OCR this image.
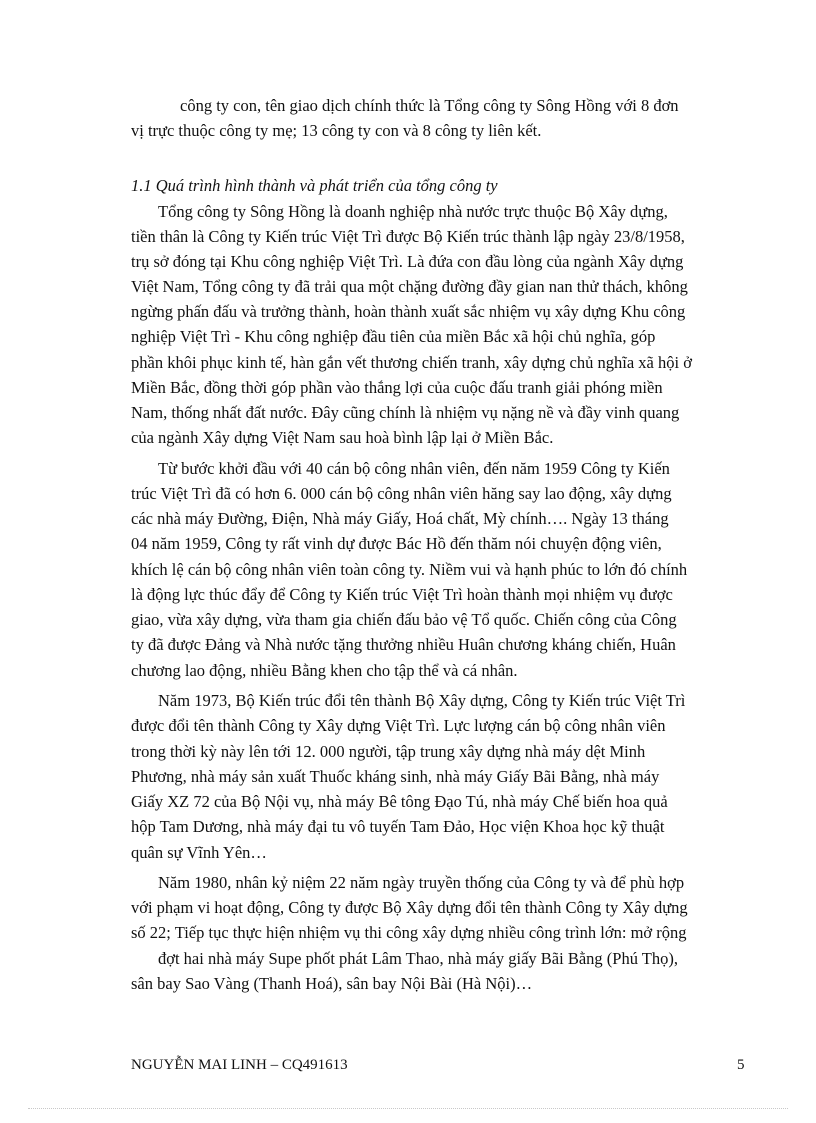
công ty con, tên giao dịch chính thức là Tổng công ty Sông Hồng với 8 đơn
vị trực thuộc công ty mẹ; 13 công ty con và 8 công ty liên kết.
1.1 Quá trình hình thành và phát triển của tổng công ty
Tổng công ty Sông Hồng là doanh nghiệp nhà nước trực thuộc Bộ Xây dựng,
tiền thân là Công ty Kiến trúc Việt Trì được Bộ Kiến trúc thành lập ngày 23/8/1958,
trụ sở đóng tại Khu công nghiệp Việt Trì. Là đứa con đầu lòng của ngành Xây dựng
Việt Nam, Tổng công ty đã trải qua một chặng đường đầy gian nan thử thách, không
ngừng phấn đấu và trưởng thành, hoàn thành xuất sắc nhiệm vụ xây dựng Khu công
nghiệp Việt Trì - Khu công nghiệp đầu tiên của miền Bắc xã hội chủ nghĩa, góp
phần khôi phục kinh tế, hàn gắn vết thương chiến tranh, xây dựng chủ nghĩa xã hội ở
Miền Bắc, đồng thời góp phần vào thắng lợi của cuộc đấu tranh giải phóng miền
Nam, thống nhất đất nước. Đây cũng chính là nhiệm vụ nặng nề và đầy vinh quang
của ngành Xây dựng Việt Nam sau hoà bình lập lại ở Miền Bắc.
Từ bước khởi đầu với 40 cán bộ công nhân viên, đến năm 1959 Công ty Kiến
trúc Việt Trì đã có hơn 6. 000 cán bộ công nhân viên hăng say lao động, xây dựng
các nhà máy Đường, Điện, Nhà máy Giấy, Hoá chất, Mỳ chính…. Ngày 13 tháng
04 năm 1959, Công ty rất vinh dự được Bác Hồ đến thăm nói chuyện động viên,
khích lệ cán bộ công nhân viên toàn công ty. Niềm vui và hạnh phúc to lớn đó chính
là động lực thúc đẩy để Công ty Kiến trúc Việt Trì hoàn thành mọi nhiệm vụ được
giao, vừa xây dựng, vừa tham gia chiến đấu bảo vệ Tổ quốc. Chiến công của Công
ty đã được Đảng và Nhà nước tặng thưởng nhiều Huân chương kháng chiến, Huân
chương lao động, nhiều Bằng khen cho tập thể và cá nhân.
Năm 1973, Bộ Kiến trúc đổi tên thành Bộ Xây dựng, Công ty Kiến trúc Việt Trì
được đổi tên thành Công ty Xây dựng Việt Trì. Lực lượng cán bộ công nhân viên
trong thời kỳ này lên tới 12. 000 người, tập trung xây dựng nhà máy dệt Minh
Phương, nhà máy sản xuất Thuốc kháng sinh, nhà máy Giấy Bãi Bằng, nhà máy
Giấy XZ 72 của Bộ Nội vụ, nhà máy Bê tông Đạo Tú, nhà máy Chế biến hoa quả
hộp Tam Dương, nhà máy đại tu vô tuyến Tam Đảo, Học viện Khoa học kỹ thuật
quân sự Vĩnh Yên…
Năm 1980, nhân kỷ niệm 22 năm ngày truyền thống của Công ty và để phù hợp
với phạm vi hoạt động, Công ty được Bộ Xây dựng đổi tên thành Công ty Xây dựng
số 22; Tiếp tục thực hiện nhiệm vụ thi công xây dựng nhiều công trình lớn: mở rộng
đợt hai nhà máy Supe phốt phát Lâm Thao, nhà máy giấy Bãi Bằng (Phú Thọ),
sân bay Sao Vàng (Thanh Hoá), sân bay Nội Bài (Hà Nội)…
NGUYỄN MAI LINH – CQ491613	5
